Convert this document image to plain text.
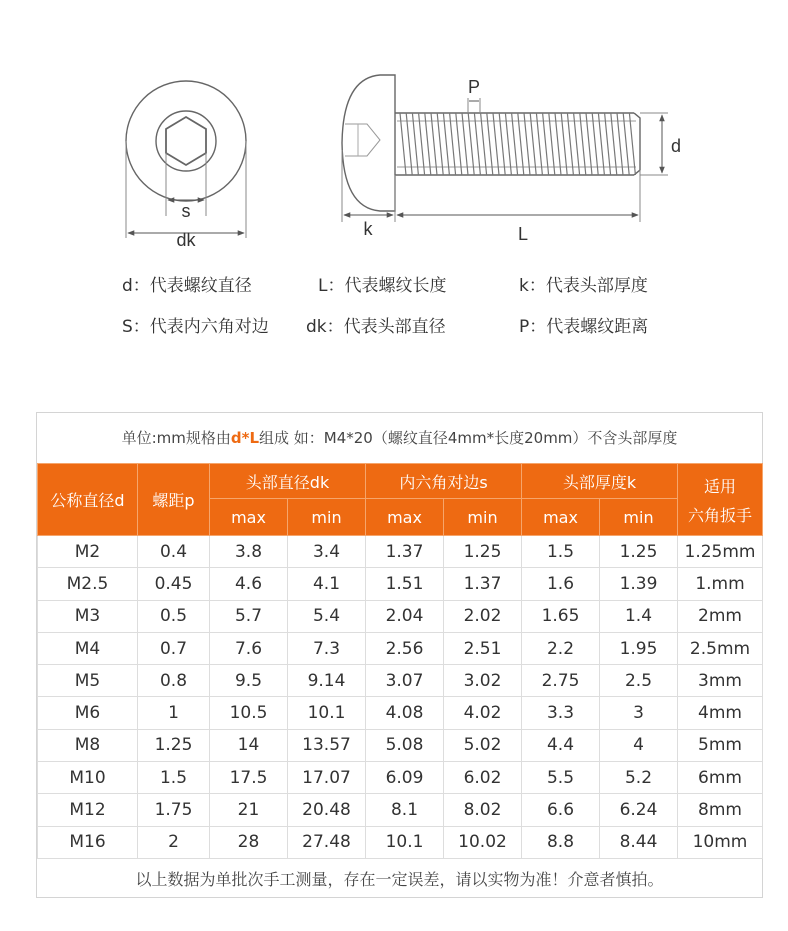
s
dk
P
d
k	L
d：代表螺纹直径	L：代表螺纹长度	k：代表头部厚度
S：代表内六角对边 dk：代表头部直径	P：代表螺纹距离
单位:mm规格由d*L组成 如：M4*20（螺纹直径4mm*长度20mm）不含头部厚度
公称直径d	螺距p	头部直径dk		内六角对边s		头部厚度k		适用
六角扳手

		max	min	max	min	max	min	
M2	0.4	3.8	3.4	1.37	1.25	1.5	1.25	1.25mm
M2.5	0.45	4.6	4.1	1.51	1.37	1.6	1.39	1.mm
M3	0.5	5.7	5.4	2.04	2.02	1.65	1.4	2mm
M4	0.7	7.6	7.3	2.56	2.51	2.2	1.95	2.5mm
M5	0.8	9.5	9.14	3.07	3.02	2.75	2.5	3mm
M6	1	10.5	10.1	4.08	4.02	3.3	3	4mm
M8	1.25	14	13.57	5.08	5.02	4.4	4	5mm
M10	1.5	17.5	17.07	6.09	6.02	5.5	5.2	6mm
M12	1.75	21	20.48	8.1	8.02	6.6	6.24	8mm
M16	2	28	27.48	10.1	10.02	8.8	8.44	10mm
以上数据为单批次手工测量，存在一定误差，请以实物为准！介意者慎拍。
